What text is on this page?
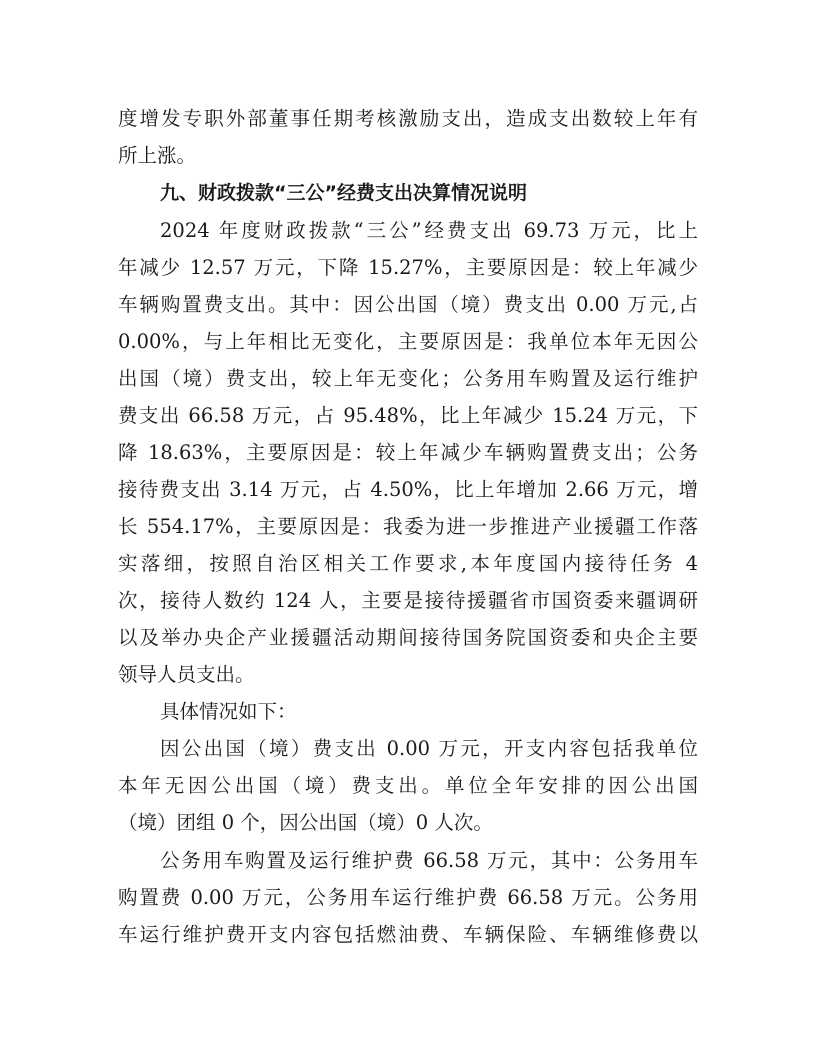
度增发专职外部董事任期考核激励支出，造成支出数较上年有
所上涨。
九、财政拨款“三公”经费支出决算情况说明
2024 年度财政拨款“三公”经费支出 69.73 万元，比上
年减少 12.57 万元，下降 15.27%，主要原因是：较上年减少
车辆购置费支出。其中：因公出国（境）费支出 0.00 万元,占
0.00%，与上年相比无变化，主要原因是：我单位本年无因公
出国（境）费支出，较上年无变化；公务用车购置及运行维护
费支出 66.58 万元，占 95.48%，比上年减少 15.24 万元，下
降 18.63%，主要原因是：较上年减少车辆购置费支出；公务
接待费支出 3.14 万元，占 4.50%，比上年增加 2.66 万元，增
长 554.17%，主要原因是：我委为进一步推进产业援疆工作落
实落细，按照自治区相关工作要求,本年度国内接待任务 4
次，接待人数约 124 人，主要是接待援疆省市国资委来疆调研
以及举办央企产业援疆活动期间接待国务院国资委和央企主要
领导人员支出。
具体情况如下：
因公出国（境）费支出 0.00 万元，开支内容包括我单位
本年无因公出国（境）费支出。单位全年安排的因公出国
（境）团组 0 个，因公出国（境）0 人次。
公务用车购置及运行维护费 66.58 万元，其中：公务用车
购置费 0.00 万元，公务用车运行维护费 66.58 万元。公务用
车运行维护费开支内容包括燃油费、车辆保险、车辆维修费以
